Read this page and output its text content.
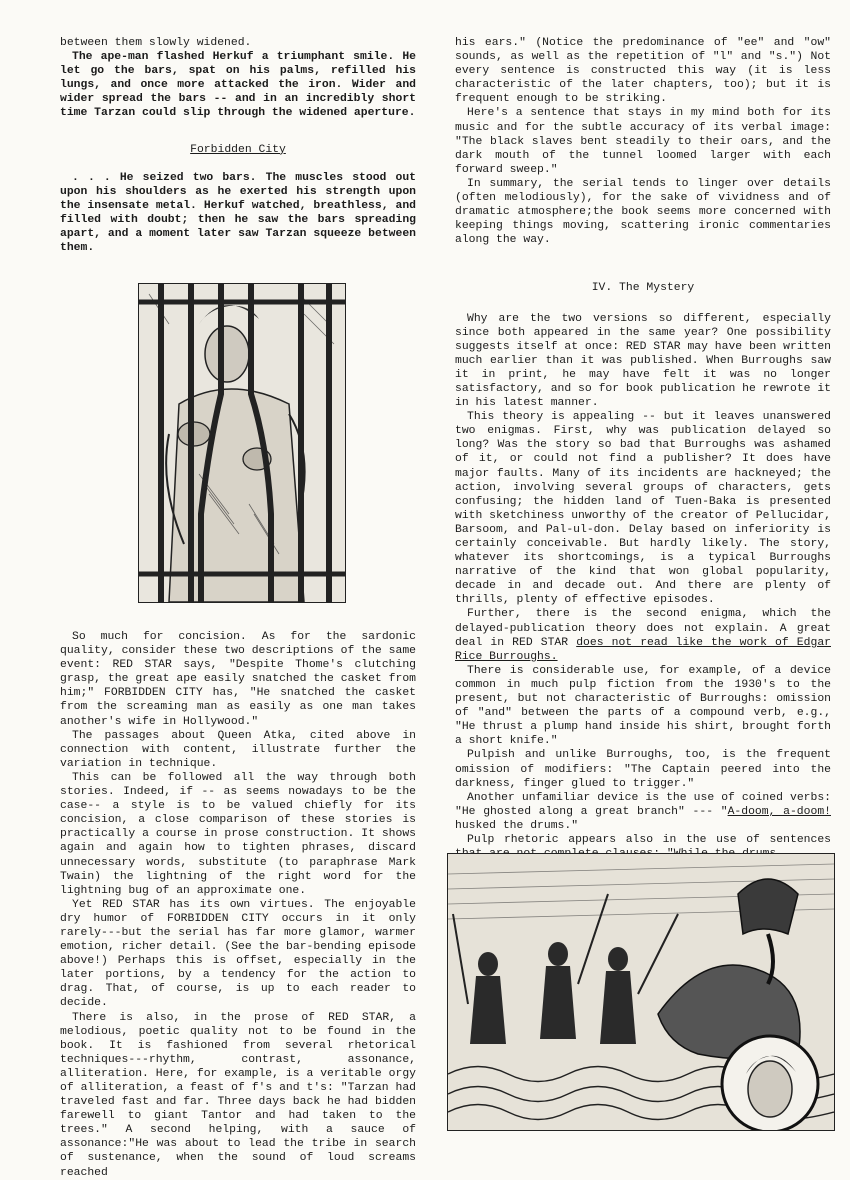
between them slowly widened.

The ape-man flashed Herkuf a triumphant smile. He let go the bars, spat on his palms, refilled his lungs, and once more attacked the iron. Wider and wider spread the bars -- and in an incredibly short time Tarzan could slip through the widened aperture.

Forbidden City

. . . He seized two bars. The muscles stood out upon his shoulders as he exerted his strength upon the insensate metal. Herkuf watched, breathless, and filled with doubt; then he saw the bars spreading apart, and a moment later saw Tarzan squeeze between them.

So much for concision. As for the sardonic quality, consider these two descriptions of the same event: RED STAR says, "Despite Thome's clutching grasp, the great ape easily snatched the casket from him;" FORBIDDEN CITY has, "He snatched the casket from the screaming man as easily as one man takes another's wife in Hollywood."

The passages about Queen Atka, cited above in connection with content, illustrate further the variation in technique.

This can be followed all the way through both stories. Indeed, if -- as seems nowadays to be the case-- a style is to be valued chiefly for its concision, a close comparison of these stories is practically a course in prose construction. It shows again and again how to tighten phrases, discard unnecessary words, substitute (to paraphrase Mark Twain) the lightning of the right word for the lightning bug of an approximate one.

Yet RED STAR has its own virtues. The enjoyable dry humor of FORBIDDEN CITY occurs in it only rarely---but the serial has far more glamor, warmer emotion, richer detail. (See the bar-bending episode above!) Perhaps this is offset, especially in the later portions, by a tendency for the action to drag. That, of course, is up to each reader to decide.

There is also, in the prose of RED STAR, a melodious, poetic quality not to be found in the book. It is fashioned from several rhetorical techniques---rhythm, contrast, assonance, alliteration. Here, for example, is a veritable orgy of alliteration, a feast of f's and t's: "Tarzan had traveled fast and far. Three days back he had bidden farewell to giant Tantor and had taken to the trees." A second helping, with a sauce of assonance:"He was about to lead the tribe in search of sustenance, when the sound of loud screams reached

his ears." (Notice the predominance of "ee" and "ow" sounds, as well as the repetition of "l" and "s.") Not every sentence is constructed this way (it is less characteristic of the later chapters, too); but it is frequent enough to be striking.

Here's a sentence that stays in my mind both for its music and for the subtle accuracy of its verbal image: "The black slaves bent steadily to their oars, and the dark mouth of the tunnel loomed larger with each forward sweep."

In summary, the serial tends to linger over details (often melodiously), for the sake of vividness and of dramatic atmosphere;the book seems more concerned with keeping things moving, scattering ironic commentaries along the way.

IV. The Mystery

Why are the two versions so different, especially since both appeared in the same year? One possibility suggests itself at once: RED STAR may have been written much earlier than it was published. When Burroughs saw it in print, he may have felt it was no longer satisfactory, and so for book publication he rewrote it in his latest manner.

This theory is appealing -- but it leaves unanswered two enigmas. First, why was publication delayed so long? Was the story so bad that Burroughs was ashamed of it, or could not find a publisher? It does have major faults. Many of its incidents are hackneyed; the action, involving several groups of characters, gets confusing; the hidden land of Tuen-Baka is presented with sketchiness unworthy of the creator of Pellucidar, Barsoom, and Pal-ul-don. Delay based on inferiority is certainly conceivable. But hardly likely. The story, whatever its shortcomings, is a typical Burroughs narrative of the kind that won global popularity, decade in and decade out. And there are plenty of thrills, plenty of effective episodes.

Further, there is the second enigma, which the delayed-publication theory does not explain. A great deal in RED STAR does not read like the work of Edgar Rice Burroughs.

There is considerable use, for example, of a device common in much pulp fiction from the 1930's to the present, but not characteristic of Burroughs: omission of "and" between the parts of a compound verb, e.g., "He thrust a plump hand inside his shirt, brought forth a short knife."

Pulpish and unlike Burroughs, too, is the frequent omission of modifiers: "The Captain peered into the darkness, finger glued to trigger."

Another unfamiliar device is the use of coined verbs: "He ghosted along a great branch" --- "A-doom, a-doom! husked the drums."

Pulp rhetoric appears also in the use of sentences
